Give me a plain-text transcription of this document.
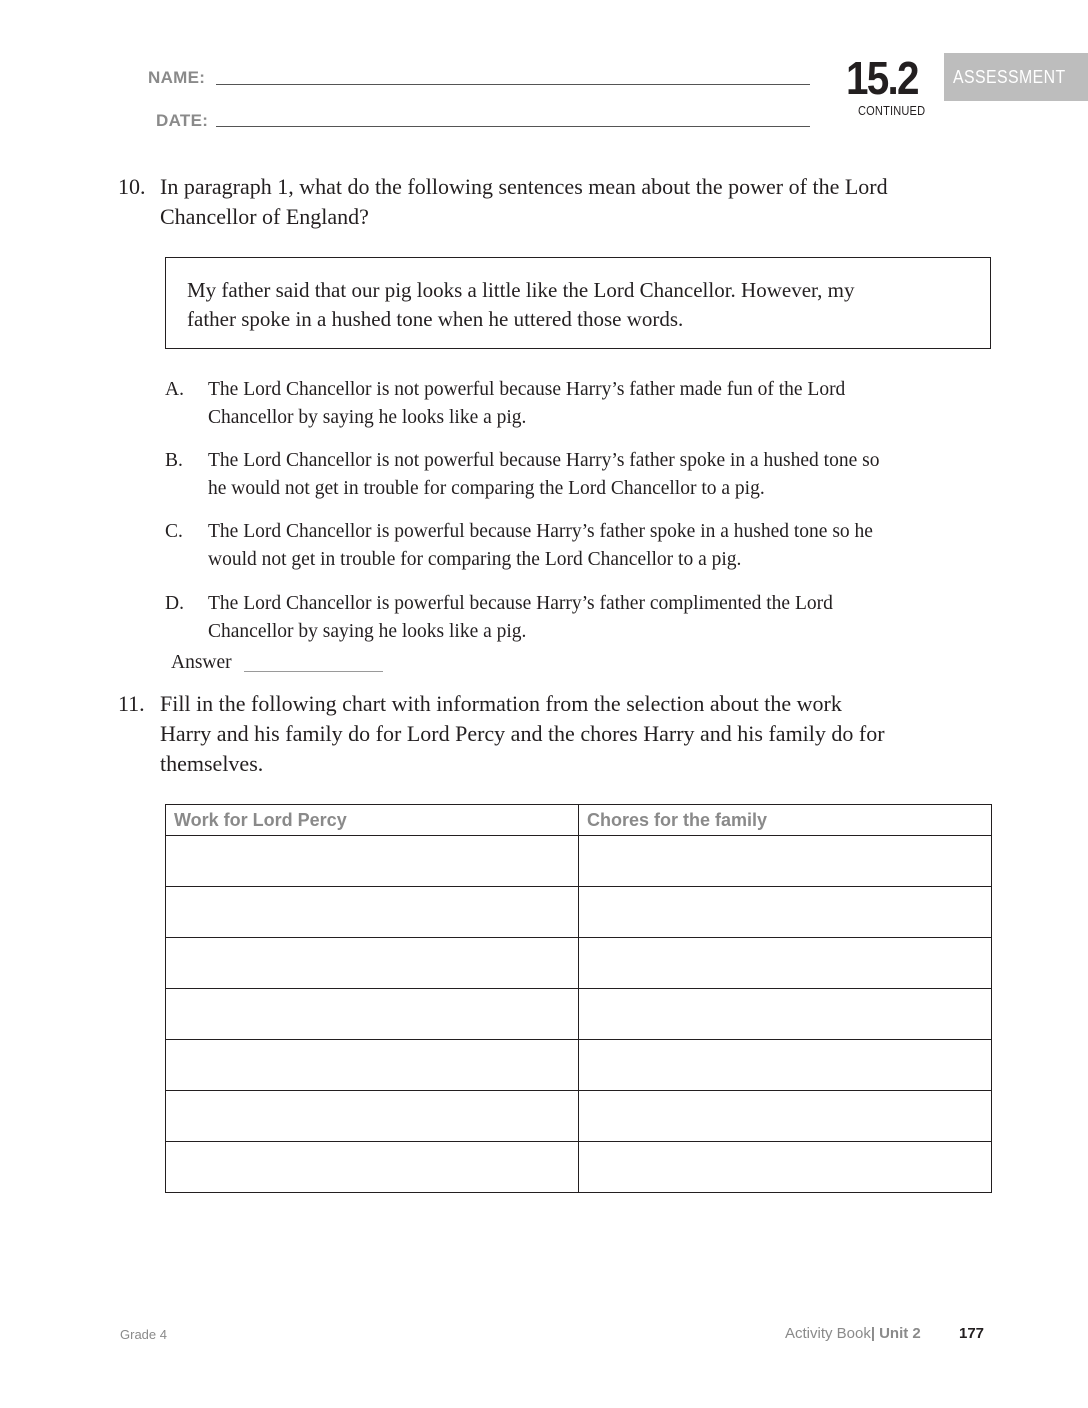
NAME:
DATE:
15.2
CONTINUED
ASSESSMENT
10. In paragraph 1, what do the following sentences mean about the power of the Lord
Chancellor of England?
My father said that our pig looks a little like the Lord Chancellor. However, my
father spoke in a hushed tone when he uttered those words.
A. The Lord Chancellor is not powerful because Harry’s father made fun of the Lord
Chancellor by saying he looks like a pig.
B. The Lord Chancellor is not powerful because Harry’s father spoke in a hushed tone so
he would not get in trouble for comparing the Lord Chancellor to a pig.
C. The Lord Chancellor is powerful because Harry’s father spoke in a hushed tone so he
would not get in trouble for comparing the Lord Chancellor to a pig.
D. The Lord Chancellor is powerful because Harry’s father complimented the Lord
Chancellor by saying he looks like a pig.
Answer
11. Fill in the following chart with information from the selection about the work
Harry and his family do for Lord Percy and the chores Harry and his family do for
themselves.
Work for Lord Percy	Chores for the family

Grade 4	Activity Book| Unit 2	177
